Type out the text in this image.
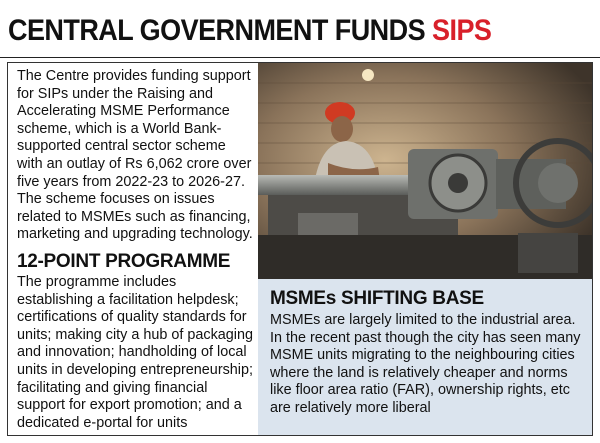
CENTRAL GOVERNMENT FUNDS SIPS

The Centre provides funding support for SIPs under the Raising and Accelerating MSME Performance scheme, which is a World Bank-supported central sector scheme with an outlay of Rs 6,062 crore over five years from 2022-23 to 2026-27. The scheme focuses on issues related to MSMEs such as financing, marketing and upgrading technology.

12-POINT PROGRAMME

The programme includes establishing a facilitation helpdesk; certifications of quality standards for units; making city a hub of packaging and innovation; handholding of local units in developing entrepreneurship; facilitating and giving financial support for export promotion; and a dedicated e-portal for units

MSMEs SHIFTING BASE
MSMEs are largely limited to the industrial area. In the recent past though the city has seen many MSME units migrating to the neighbouring cities where the land is relatively cheaper and norms like floor area ratio (FAR), ownership rights, etc are relatively more liberal
